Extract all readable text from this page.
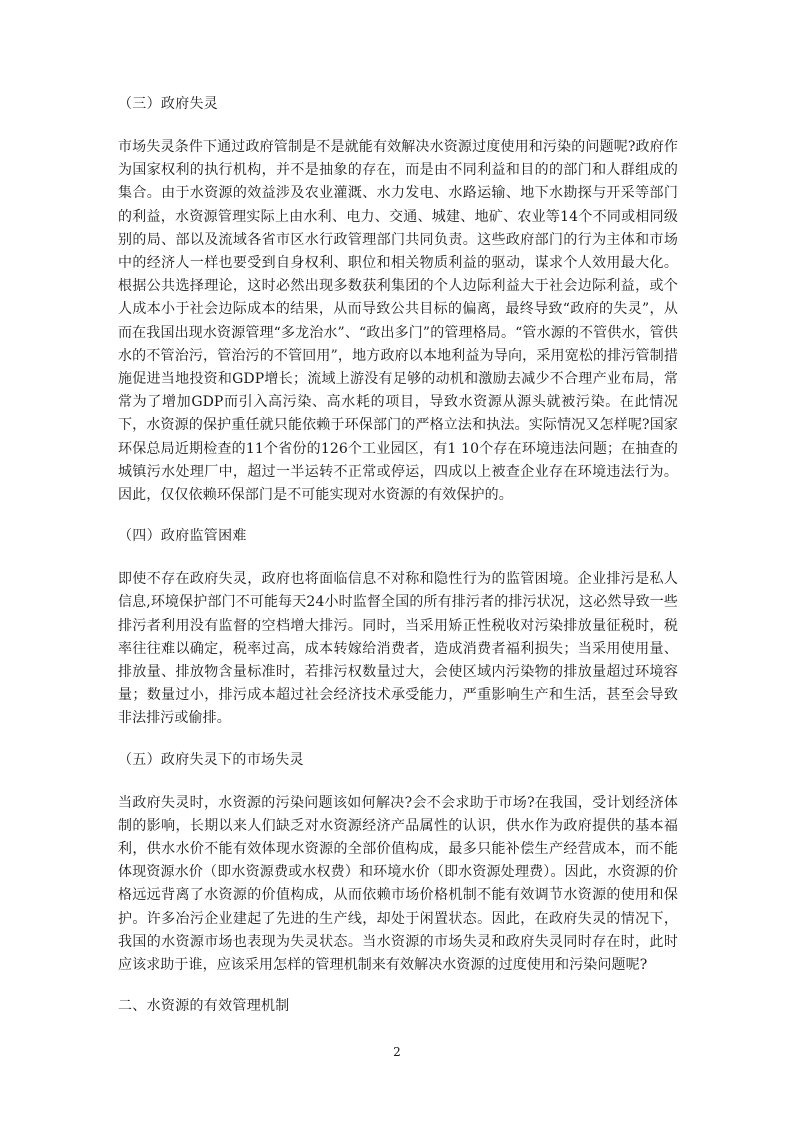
（三）政府失灵

市场失灵条件下通过政府管制是不是就能有效解决水资源过度使用和污染的问题呢?政府作为国家权利的执行机构，并不是抽象的存在，而是由不同利益和目的的部门和人群组成的集合。由于水资源的效益涉及农业灌溉、水力发电、水路运输、地下水勘探与开采等部门的利益，水资源管理实际上由水利、电力、交通、城建、地矿、农业等14个不同或相同级别的局、部以及流域各省市区水行政管理部门共同负责。这些政府部门的行为主体和市场中的经济人一样也要受到自身权利、职位和相关物质利益的驱动，谋求个人效用最大化。根据公共选择理论，这时必然出现多数获利集团的个人边际利益大于社会边际利益，或个人成本小于社会边际成本的结果，从而导致公共目标的偏离，最终导致“政府的失灵”，从而在我国出现水资源管理“多龙治水”、“政出多门”的管理格局。“管水源的不管供水，管供水的不管治污，管治污的不管回用”，地方政府以本地利益为导向，采用宽松的排污管制措施促进当地投资和GDP增长；流域上游没有足够的动机和激励去减少不合理产业布局，常常为了增加GDP而引入高污染、高水耗的项目，导致水资源从源头就被污染。在此情况下，水资源的保护重任就只能依赖于环保部门的严格立法和执法。实际情况又怎样呢?国家环保总局近期检查的11个省份的126个工业园区，有1 10个存在环境违法问题；在抽查的城镇污水处理厂中，超过一半运转不正常或停运，四成以上被查企业存在环境违法行为。因此，仅仅依赖环保部门是不可能实现对水资源的有效保护的。

（四）政府监管困难

即使不存在政府失灵，政府也将面临信息不对称和隐性行为的监管困境。企业排污是私人信息,环境保护部门不可能每天24小时监督全国的所有排污者的排污状况，这必然导致一些排污者利用没有监督的空档增大排污。同时，当采用矫正性税收对污染排放量征税时，税率往往难以确定，税率过高，成本转嫁给消费者，造成消费者福利损失；当采用使用量、排放量、排放物含量标准时，若排污权数量过大，会使区域内污染物的排放量超过环境容量；数量过小，排污成本超过社会经济技术承受能力，严重影响生产和生活，甚至会导致非法排污或偷排。

（五）政府失灵下的市场失灵

当政府失灵时，水资源的污染问题该如何解决?会不会求助于市场?在我国，受计划经济体制的影响，长期以来人们缺乏对水资源经济产品属性的认识，供水作为政府提供的基本福利，供水水价不能有效体现水资源的全部价值构成，最多只能补偿生产经营成本，而不能体现资源水价（即水资源费或水权费）和环境水价（即水资源处理费）。因此，水资源的价格远远背离了水资源的价值构成，从而依赖市场价格机制不能有效调节水资源的使用和保护。许多冶污企业建起了先进的生产线，却处于闲置状态。因此，在政府失灵的情况下，我国的水资源市场也表现为失灵状态。当水资源的市场失灵和政府失灵同时存在时，此时应该求助于谁，应该采用怎样的管理机制来有效解决水资源的过度使用和污染问题呢?

二、水资源的有效管理机制
2
